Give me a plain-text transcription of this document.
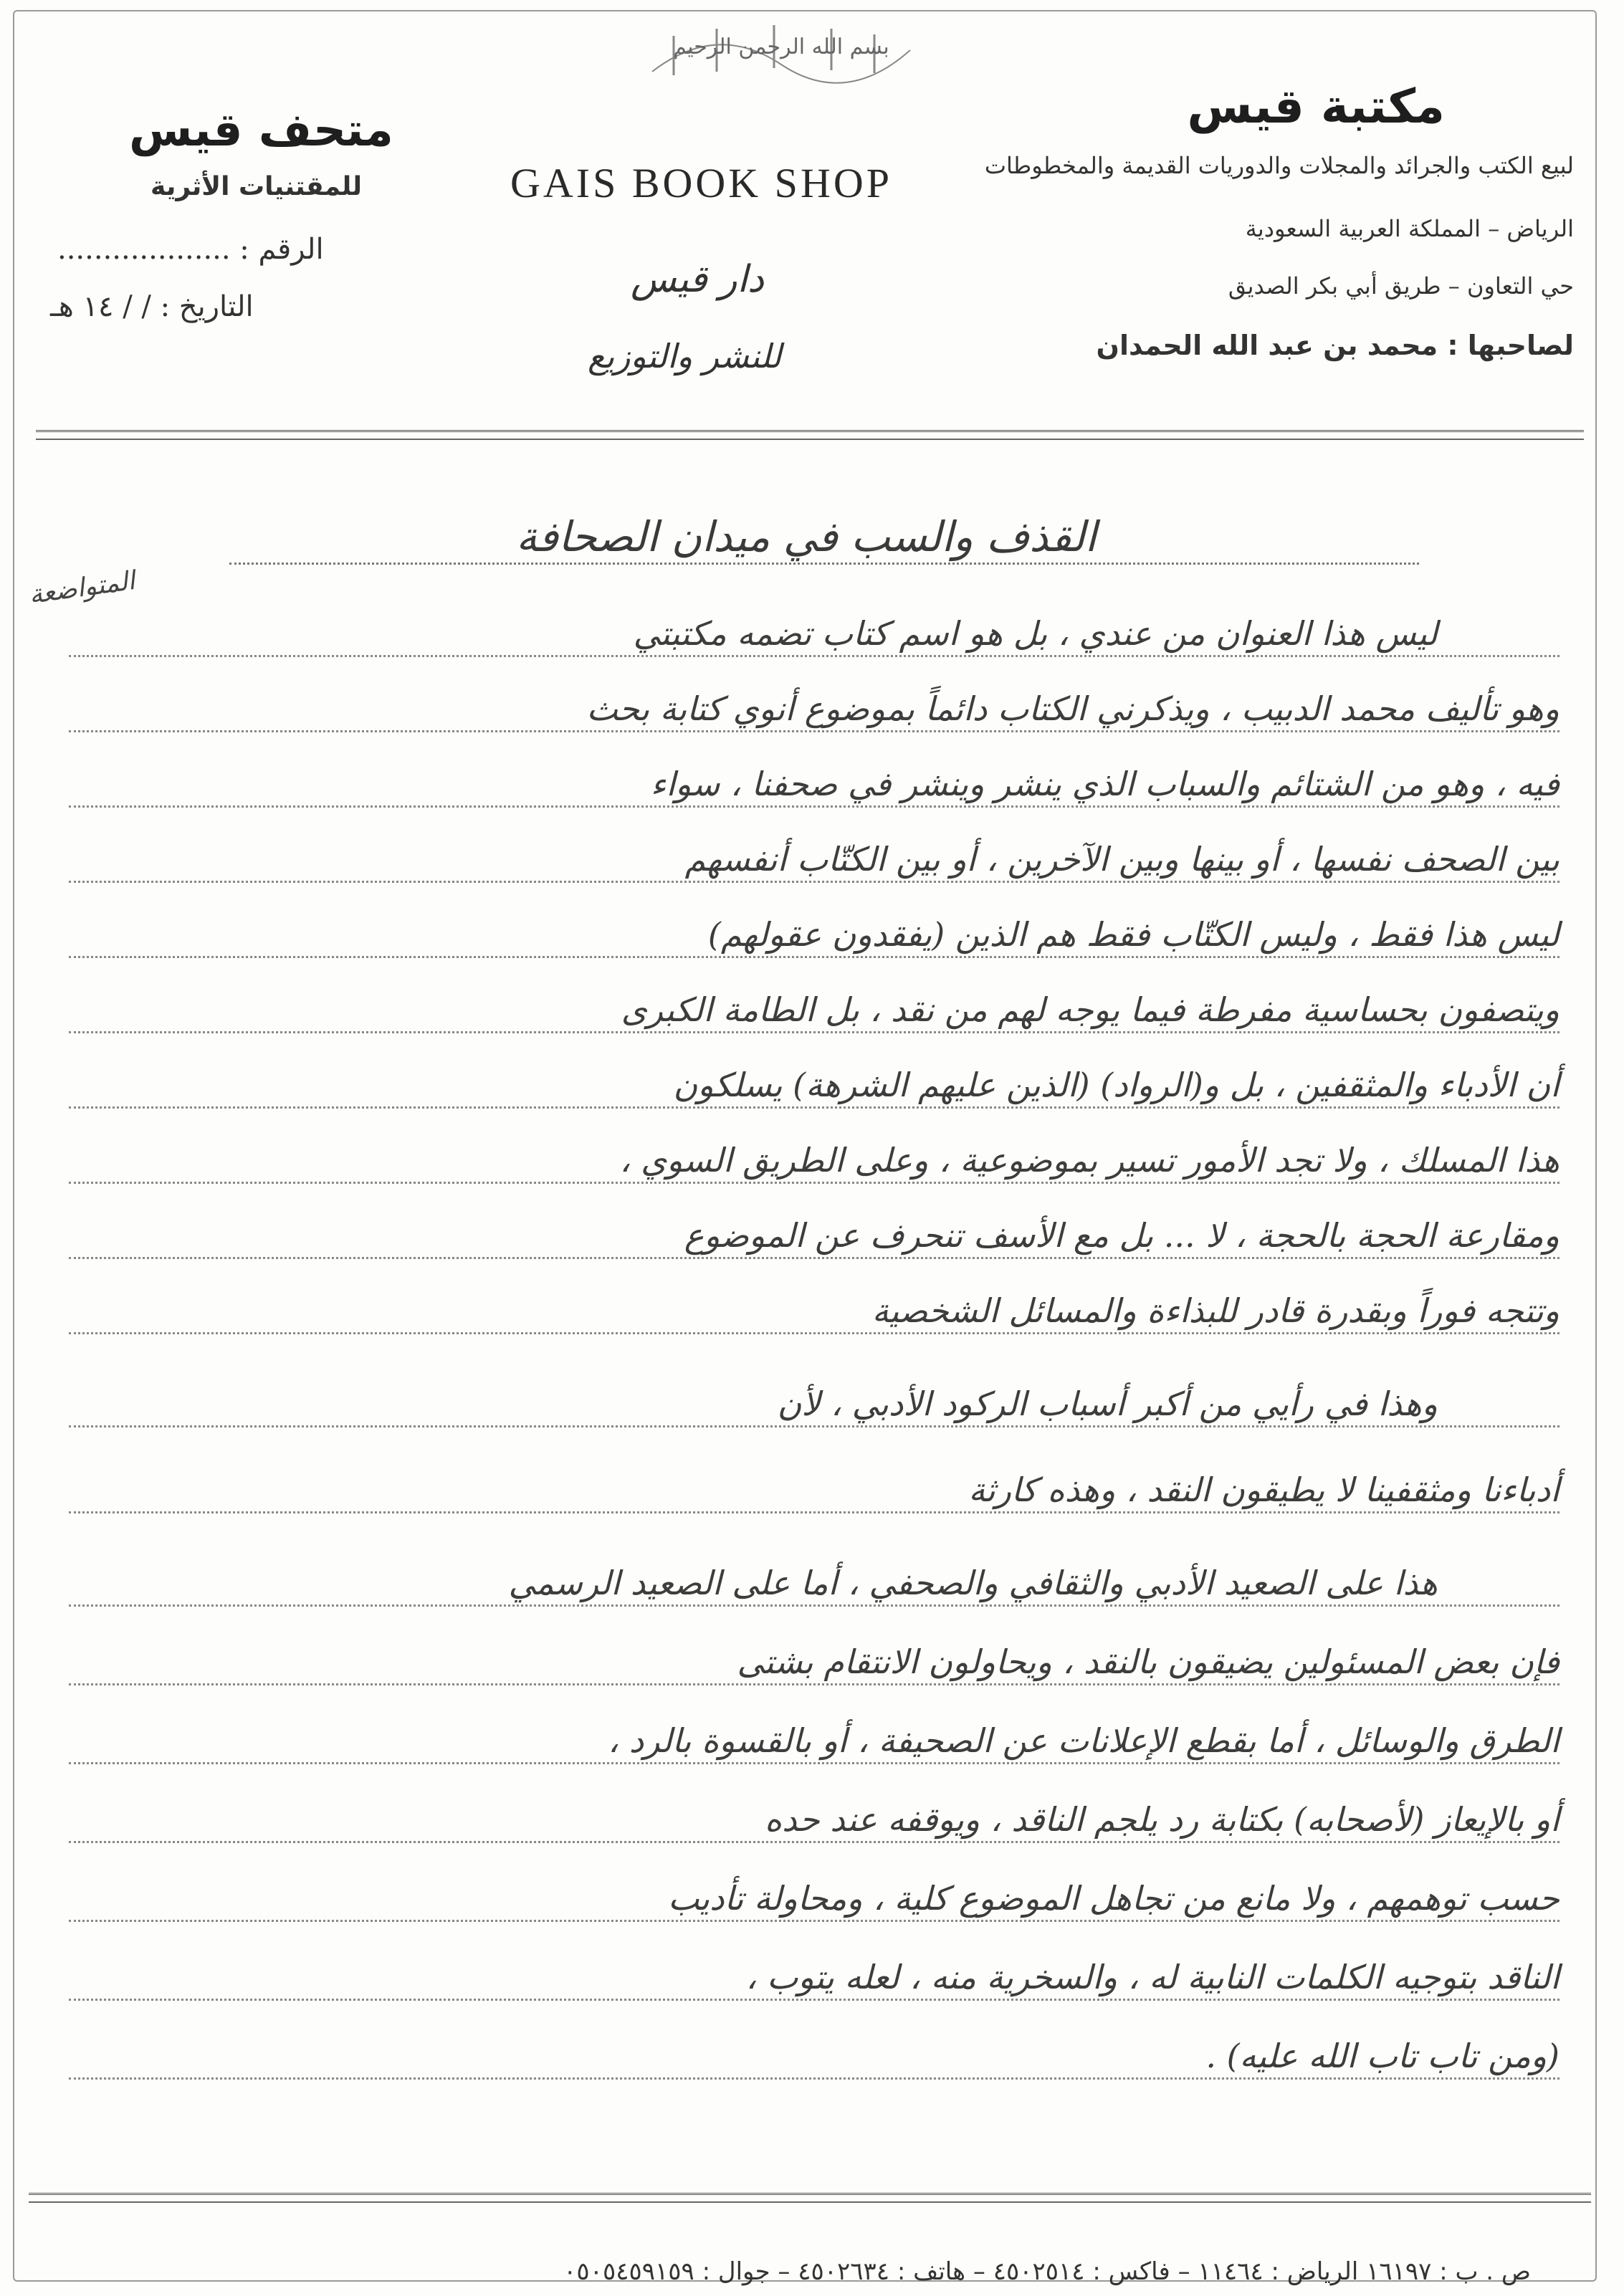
بسم الله الرحمن الرحيم
مكتبة قيس
لبيع الكتب والجرائد والمجلات والدوريات القديمة والمخطوطات
الرياض – المملكة العربية السعودية
حي التعاون – طريق أبي بكر الصديق
لصاحبها : محمد بن عبد الله الحمدان
GAIS BOOK SHOP
دار قيس
للنشر والتوزيع
متحف قيس
للمقتنيات الأثرية
الرقم : ...................
التاريخ : / / ١٤ هـ
القذف والسب في ميدان الصحافة
المتواضعة
ليس هذا العنوان من عندي ، بل هو اسم كتاب تضمه مكتبتي
وهو تأليف محمد الدبيب ، ويذكرني الكتاب دائماً بموضوع أنوي كتابة بحث
فيه ، وهو من الشتائم والسباب الذي ينشر وينشر في صحفنا ، سواء
بين الصحف نفسها ، أو بينها وبين الآخرين ، أو بين الكتّاب أنفسهم
ليس هذا فقط ، وليس الكتّاب فقط هم الذين (يفقدون عقولهم)
ويتصفون بحساسية مفرطة فيما يوجه لهم من نقد ، بل الطامة الكبرى
أن الأدباء والمثقفين ، بل و(الرواد) (الذين عليهم الشرهة) يسلكون
هذا المسلك ، ولا تجد الأمور تسير بموضوعية ، وعلى الطريق السوي ،
ومقارعة الحجة بالحجة ، لا ... بل مع الأسف تنحرف عن الموضوع
وتتجه فوراً وبقدرة قادر للبذاءة والمسائل الشخصية
وهذا في رأيي من أكبر أسباب الركود الأدبي ، لأن
أدباءنا ومثقفينا لا يطيقون النقد ، وهذه كارثة
هذا على الصعيد الأدبي والثقافي والصحفي ، أما على الصعيد الرسمي
فإن بعض المسئولين يضيقون بالنقد ، ويحاولون الانتقام بشتى
الطرق والوسائل ، أما بقطع الإعلانات عن الصحيفة ، أو بالقسوة بالرد ،
أو بالإيعاز (لأصحابه) بكتابة رد يلجم الناقد ، ويوقفه عند حده
حسب توهمهم ، ولا مانع من تجاهل الموضوع كلية ، ومحاولة تأديب
الناقد بتوجيه الكلمات النابية له ، والسخرية منه ، لعله يتوب ،
(ومن تاب تاب الله عليه) .
ص . ب : ١٦١٩٧ الرياض : ١١٤٦٤ – فاكس : ٤٥٠٢٥١٤ – هاتف : ٤٥٠٢٦٣٤ – جوال : ٠٥٠٥٤٥٩١٥٩
